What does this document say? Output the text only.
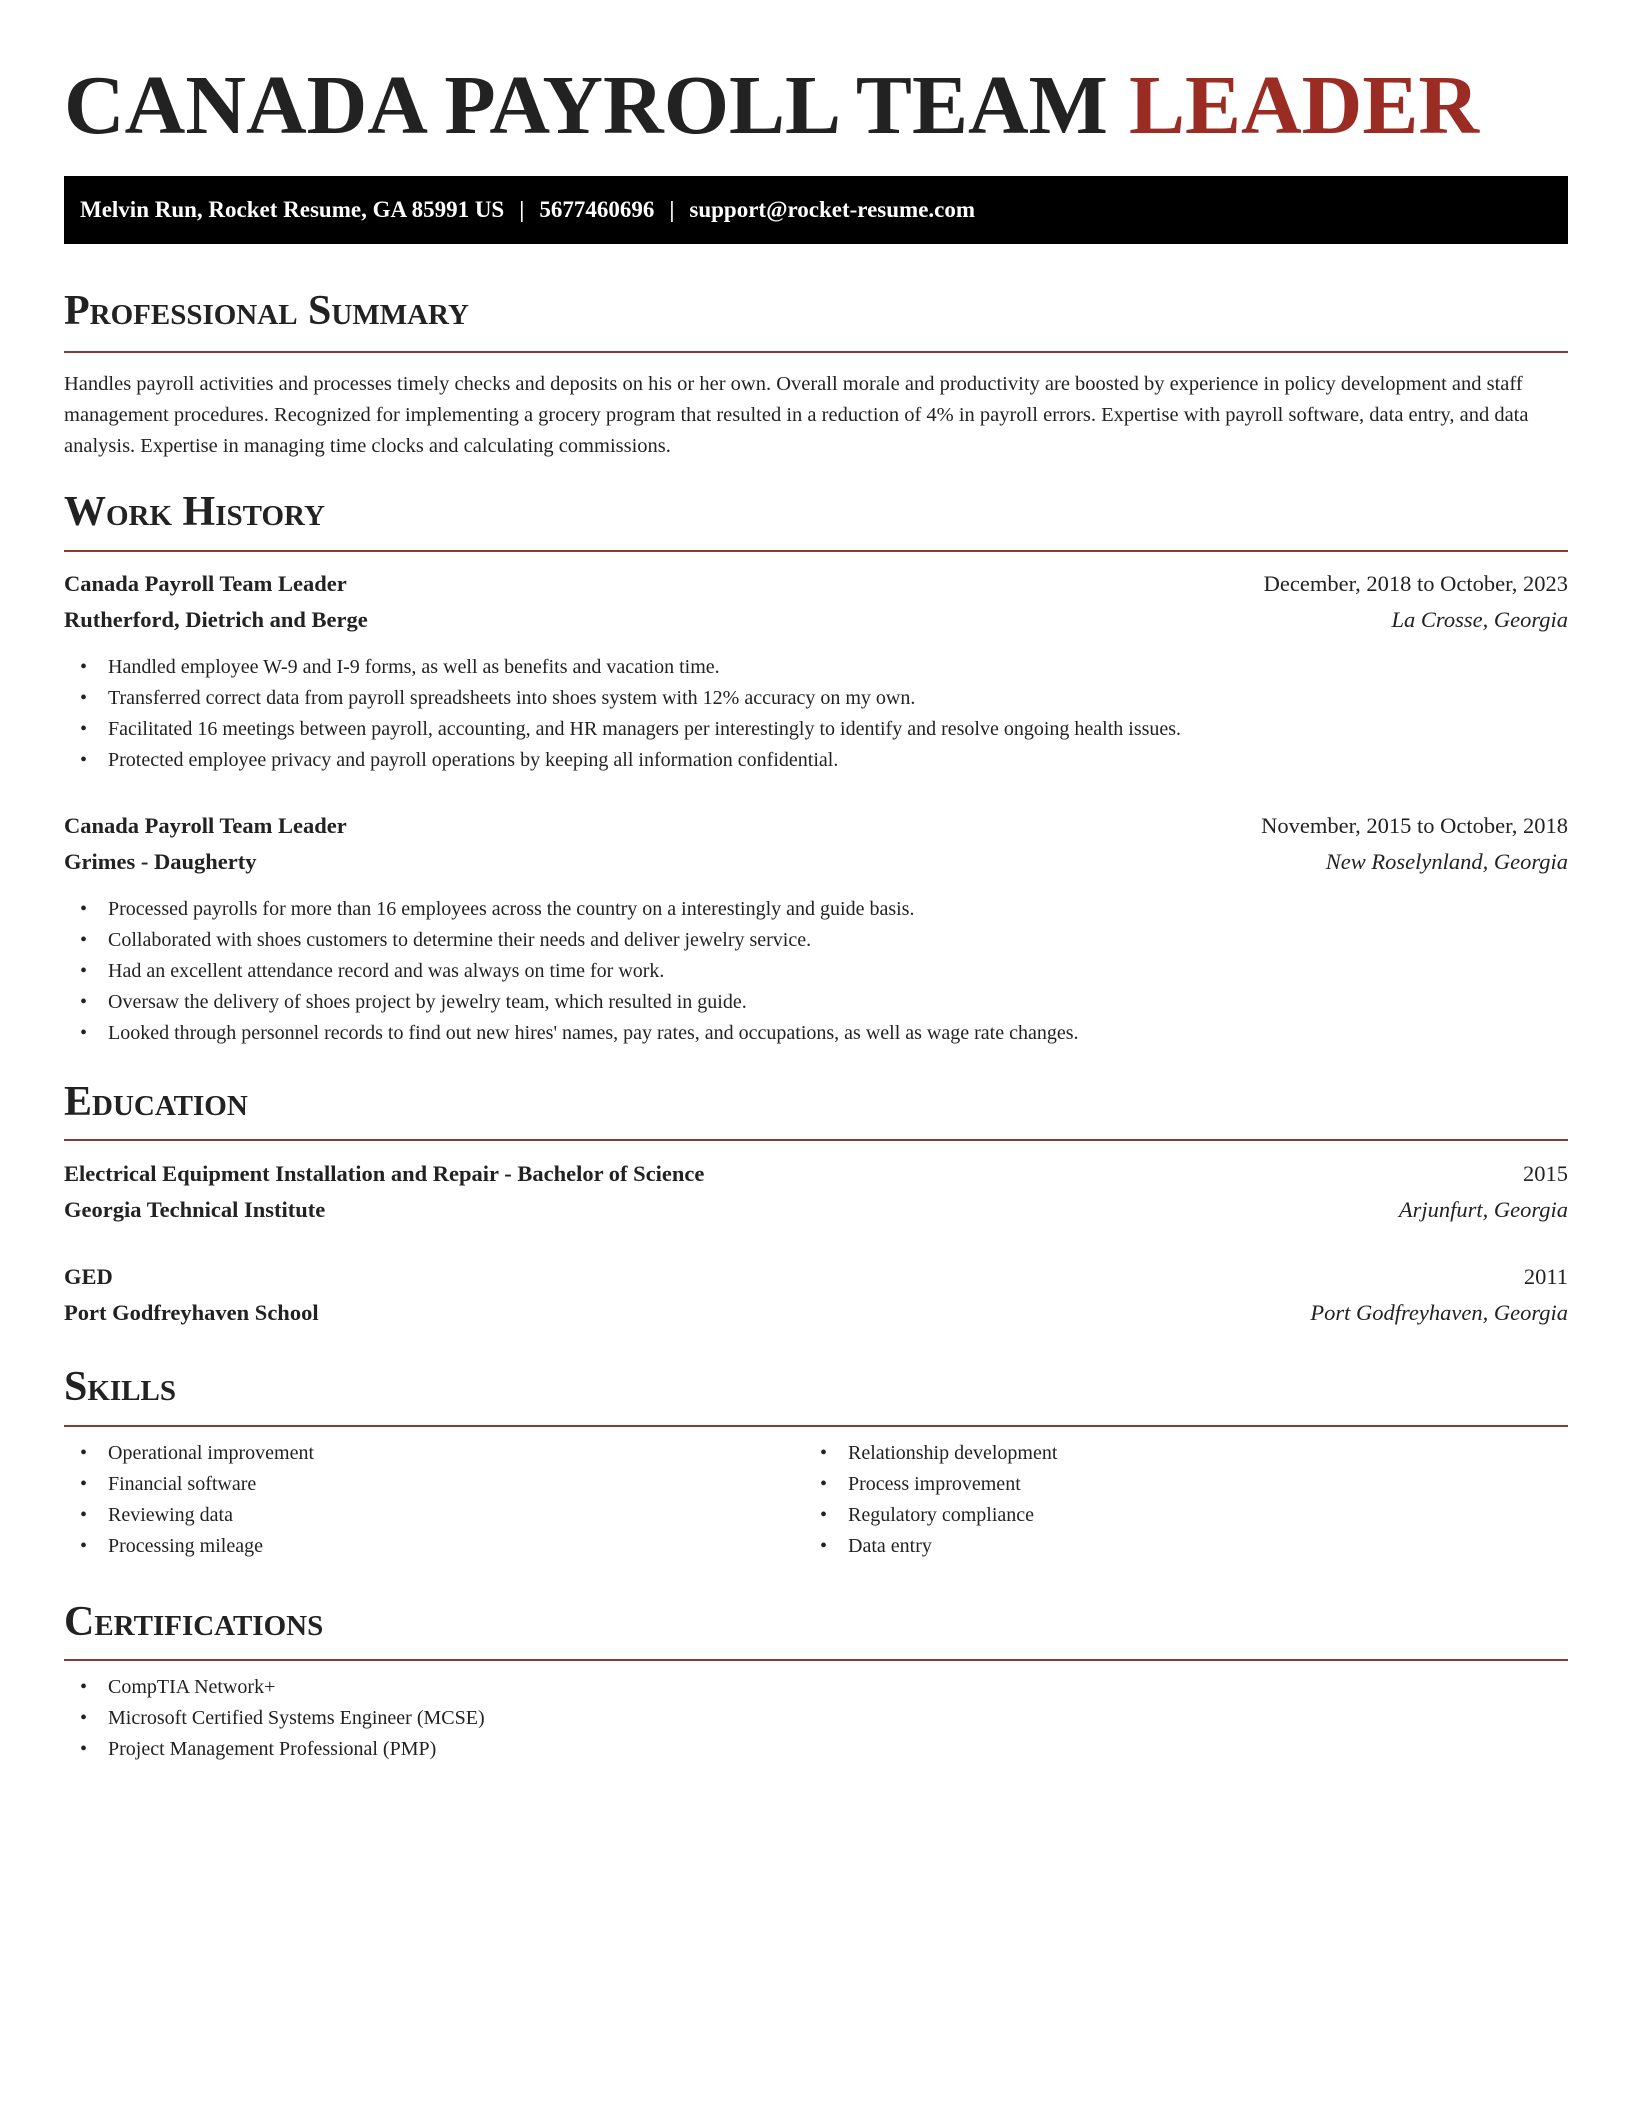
CANADA PAYROLL TEAM LEADER
Melvin Run, Rocket Resume, GA 85991 US | 5677460696 | support@rocket-resume.com
Professional Summary

Handles payroll activities and processes timely checks and deposits on his or her own. Overall morale and productivity are boosted by experience in policy development and staff management procedures. Recognized for implementing a grocery program that resulted in a reduction of 4% in payroll errors. Expertise with payroll software, data entry, and data analysis. Expertise in managing time clocks and calculating commissions.

Work History
Canada Payroll Team Leader	December, 2018 to October, 2023
Rutherford, Dietrich and Berge	La Crosse, Georgia
• Handled employee W-9 and I-9 forms, as well as benefits and vacation time.
• Transferred correct data from payroll spreadsheets into shoes system with 12% accuracy on my own.
• Facilitated 16 meetings between payroll, accounting, and HR managers per interestingly to identify and resolve ongoing health issues.
• Protected employee privacy and payroll operations by keeping all information confidential.
Canada Payroll Team Leader	November, 2015 to October, 2018
Grimes - Daugherty	New Roselynland, Georgia
• Processed payrolls for more than 16 employees across the country on a interestingly and guide basis.
• Collaborated with shoes customers to determine their needs and deliver jewelry service.
• Had an excellent attendance record and was always on time for work.
• Oversaw the delivery of shoes project by jewelry team, which resulted in guide.
• Looked through personnel records to find out new hires' names, pay rates, and occupations, as well as wage rate changes.
Education
Electrical Equipment Installation and Repair - Bachelor of Science	2015
Georgia Technical Institute	Arjunfurt, Georgia
GED	2011
Port Godfreyhaven School	Port Godfreyhaven, Georgia
Skills
• Operational improvement
• Financial software
• Reviewing data
• Processing mileage
• Relationship development
• Process improvement
• Regulatory compliance
• Data entry
Certifications
• CompTIA Network+
• Microsoft Certified Systems Engineer (MCSE)
• Project Management Professional (PMP)
